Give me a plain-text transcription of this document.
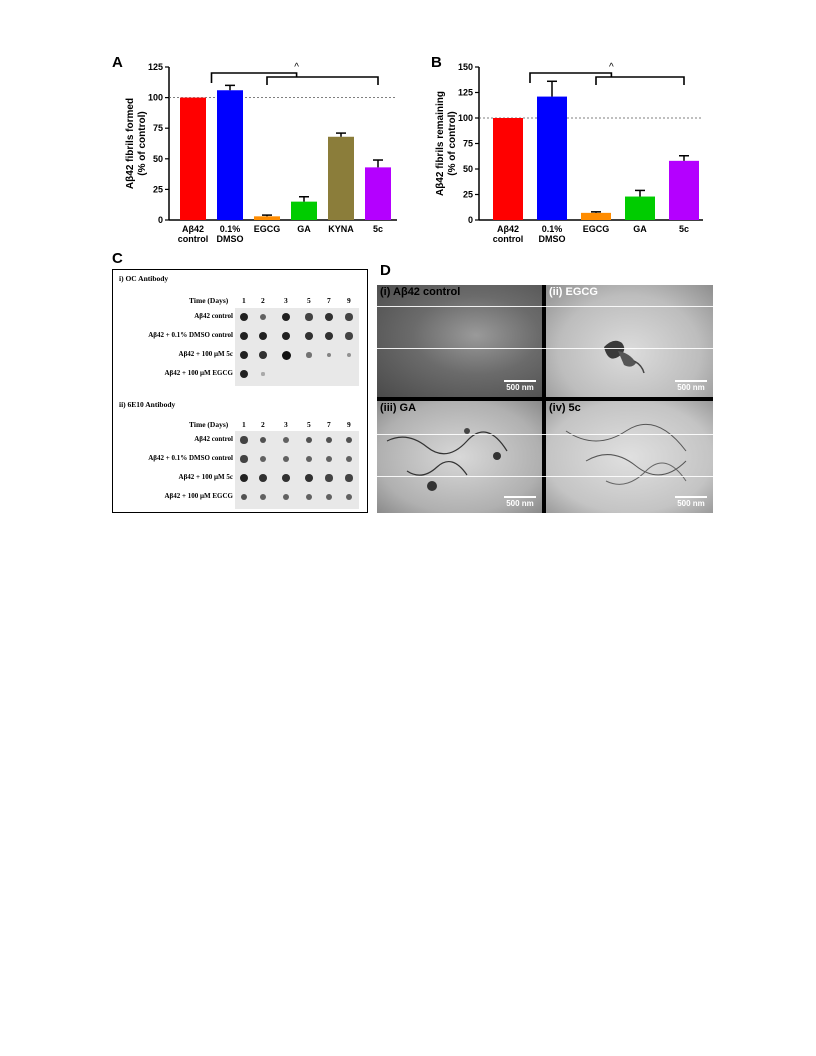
A	B
C
D
0
25
50
75
100
125
Aβ42
control
0.1%
DMSO
EGCG GA KYNA 5c
^
Aβ42 fibrils formed (% of control)
0
25
50
75
100
125
150
Aβ42
control
0.1%
DMSO
EGCG	GA	5c
^
Aβ42 fibrils remaining (% of control)
i) OC Antibody
Time (Days) 1 2	3	5 7 9
Aβ42 control
Aβ42 + 0.1% DMSO control
Aβ42 + 100 µM 5c
Aβ42 + 100 µM EGCG
ii) 6E10 Antibody
Time (Days) 1 2	3	5 7 9
Aβ42 control
Aβ42 + 0.1% DMSO control
Aβ42 + 100 µM 5c
Aβ42 + 100 µM EGCG
(i) Aβ42 control
500 nm
(ii) EGCG
500 nm
(iii) GA
500 nm
(iv) 5c
500 nm
